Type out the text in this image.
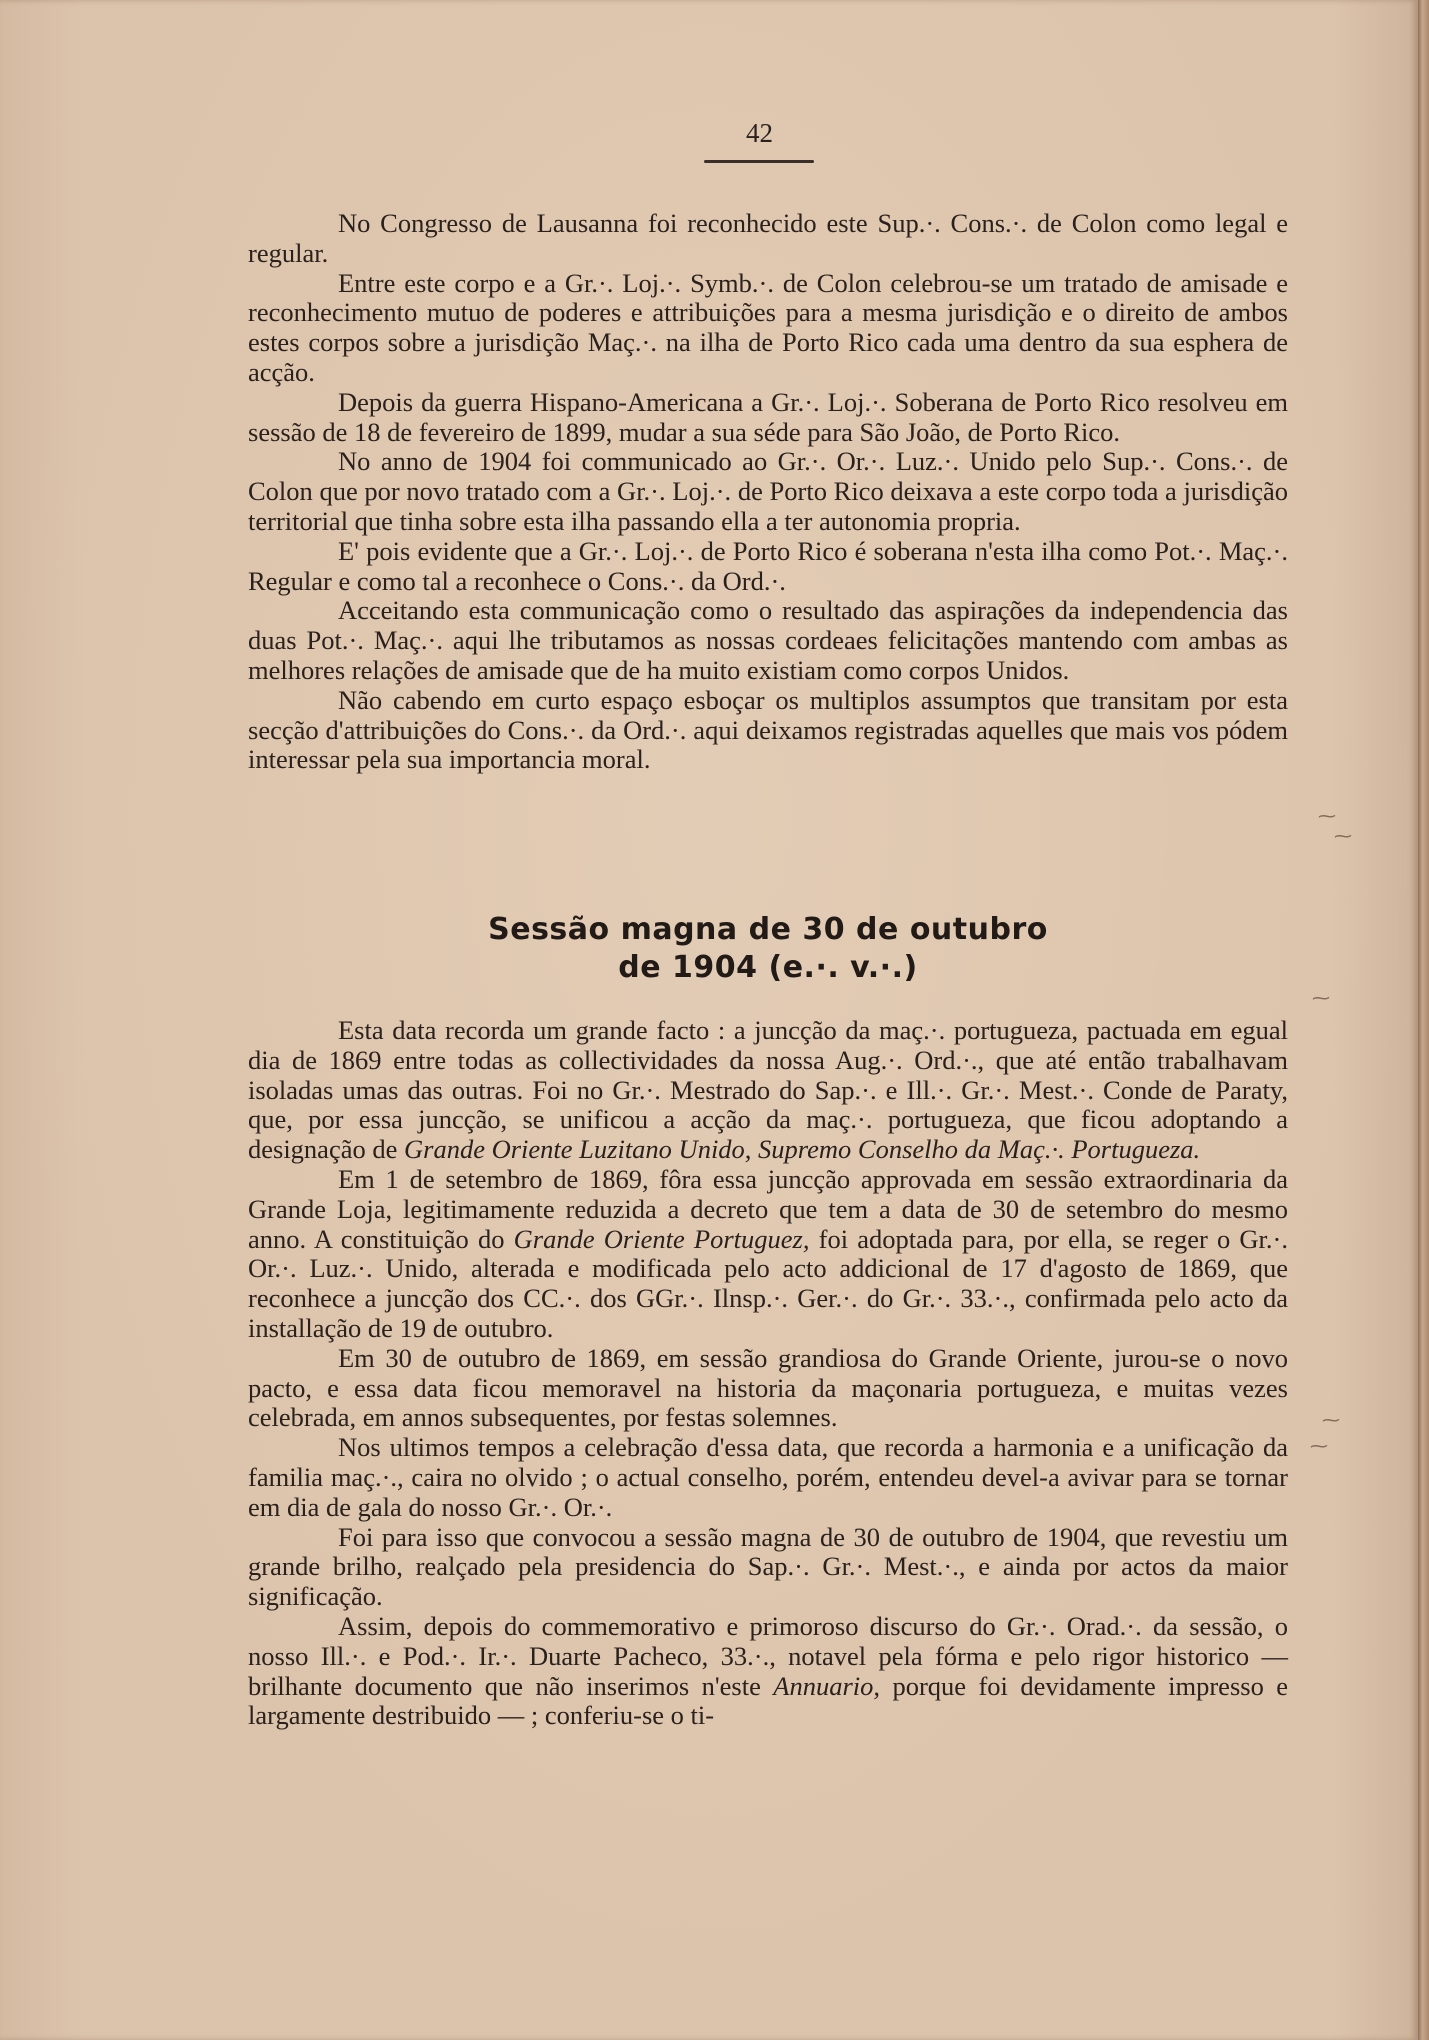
42

No Congresso de Lausanna foi reconhecido este Sup.·. Cons.·. de Colon como legal e regular.

Entre este corpo e a Gr.·. Loj.·. Symb.·. de Colon celebrou-se um tratado de amisade e reconhecimento mutuo de poderes e attribuições para a mesma jurisdição e o direito de ambos estes corpos sobre a jurisdição Maç.·. na ilha de Porto Rico cada uma dentro da sua esphera de acção.

Depois da guerra Hispano-Americana a Gr.·. Loj.·. Soberana de Porto Rico resolveu em sessão de 18 de fevereiro de 1899, mudar a sua séde para São João, de Porto Rico.

No anno de 1904 foi communicado ao Gr.·. Or.·. Luz.·. Unido pelo Sup.·. Cons.·. de Colon que por novo tratado com a Gr.·. Loj.·. de Porto Rico deixava a este corpo toda a jurisdição territorial que tinha sobre esta ilha passando ella a ter autonomia propria.

E' pois evidente que a Gr.·. Loj.·. de Porto Rico é soberana n'esta ilha como Pot.·. Maç.·. Regular e como tal a reconhece o Cons.·. da Ord.·.

Acceitando esta communicação como o resultado das aspirações da independencia das duas Pot.·. Maç.·. aqui lhe tributamos as nossas cordeaes felicitações mantendo com ambas as melhores relações de amisade que de ha muito existiam como corpos Unidos.

Não cabendo em curto espaço esboçar os multiplos assumptos que transitam por esta secção d'attribuições do Cons.·. da Ord.·. aqui deixamos registradas aquelles que mais vos pódem interessar pela sua importancia moral.

Sessão magna de 30 de outubro
de 1904 (e.·. v.·.)

Esta data recorda um grande facto : a juncção da maç.·. portugueza, pactuada em egual dia de 1869 entre todas as collectividades da nossa Aug.·. Ord.·., que até então trabalhavam isoladas umas das outras. Foi no Gr.·. Mestrado do Sap.·. e Ill.·. Gr.·. Mest.·. Conde de Paraty, que, por essa juncção, se unificou a acção da maç.·. portugueza, que ficou adoptando a designação de Grande Oriente Luzitano Unido, Supremo Conselho da Maç.·. Portugueza.

Em 1 de setembro de 1869, fôra essa juncção approvada em sessão extraordinaria da Grande Loja, legitimamente reduzida a decreto que tem a data de 30 de setembro do mesmo anno. A constituição do Grande Oriente Portuguez, foi adoptada para, por ella, se reger o Gr.·. Or.·. Luz.·. Unido, alterada e modificada pelo acto addicional de 17 d'agosto de 1869, que reconhece a juncção dos CC.·. dos GGr.·. Ilnsp.·. Ger.·. do Gr.·. 33.·., confirmada pelo acto da installação de 19 de outubro.

Em 30 de outubro de 1869, em sessão grandiosa do Grande Oriente, jurou-se o novo pacto, e essa data ficou memoravel na historia da maçonaria portugueza, e muitas vezes celebrada, em annos subsequentes, por festas solemnes.

Nos ultimos tempos a celebração d'essa data, que recorda a harmonia e a unificação da familia maç.·., caira no olvido ; o actual conselho, porém, entendeu devel-a avivar para se tornar em dia de gala do nosso Gr.·. Or.·.

Foi para isso que convocou a sessão magna de 30 de outubro de 1904, que revestiu um grande brilho, realçado pela presidencia do Sap.·. Gr.·. Mest.·., e ainda por actos da maior significação.

Assim, depois do commemorativo e primoroso discurso do Gr.·. Orad.·. da sessão, o nosso Ill.·. e Pod.·. Ir.·. Duarte Pacheco, 33.·., notavel pela fórma e pelo rigor historico — brilhante documento que não inserimos n'este Annuario, porque foi devidamente impresso e largamente destribuido — ; conferiu-se o ti-

⁓
⁓
⁓
⁓
⁓
